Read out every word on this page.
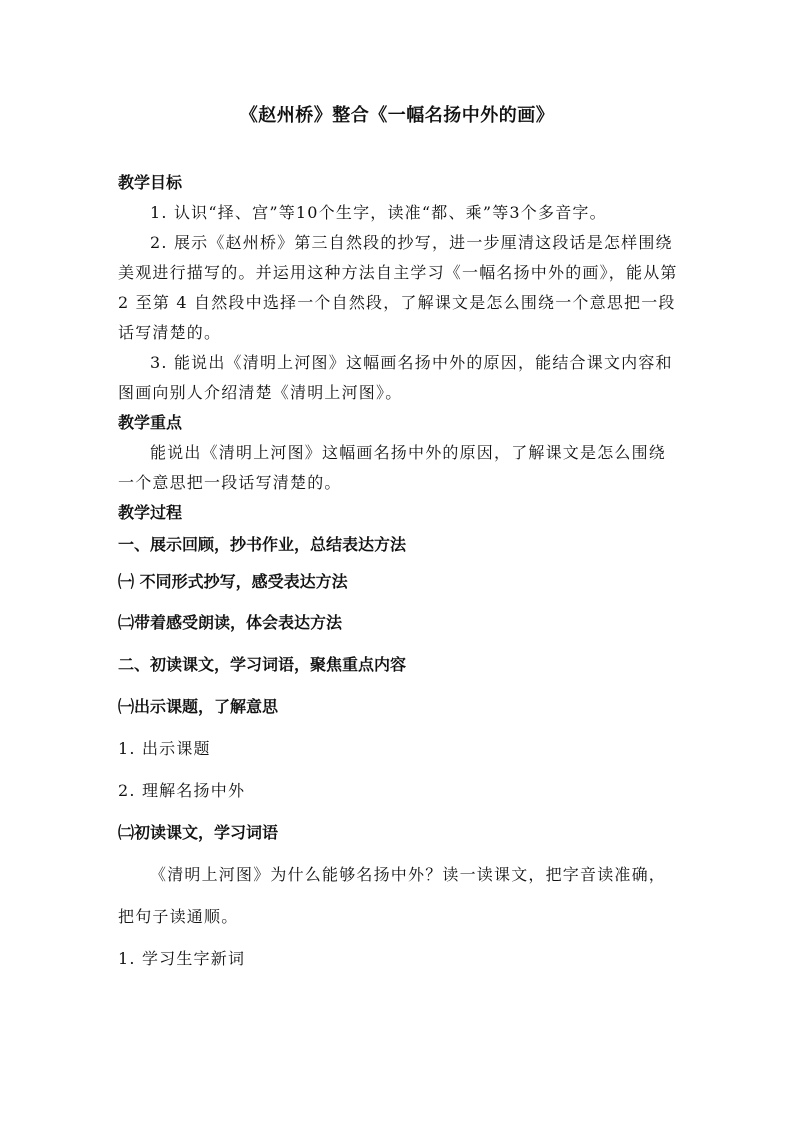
《赵州桥》整合《一幅名扬中外的画》
教学目标
1. 认识“择、宫”等10个生字，读准“都、乘”等3个多音字。
2. 展示《赵州桥》第三自然段的抄写，进一步厘清这段话是怎样围绕美观进行描写的。并运用这种方法自主学习《一幅名扬中外的画》，能从第 2 至第 4 自然段中选择一个自然段，了解课文是怎么围绕一个意思把一段话写清楚的。
3. 能说出《清明上河图》这幅画名扬中外的原因，能结合课文内容和图画向别人介绍清楚《清明上河图》。
教学重点
能说出《清明上河图》这幅画名扬中外的原因，了解课文是怎么围绕一个意思把一段话写清楚的。
教学过程
一、展示回顾，抄书作业，总结表达方法
㈠ 不同形式抄写，感受表达方法
㈡带着感受朗读，体会表达方法
二、初读课文，学习词语，聚焦重点内容
㈠出示课题，了解意思
1. 出示课题
2. 理解名扬中外
㈡初读课文，学习词语
《清明上河图》为什么能够名扬中外？读一读课文，把字音读准确，把句子读通顺。
1. 学习生字新词
